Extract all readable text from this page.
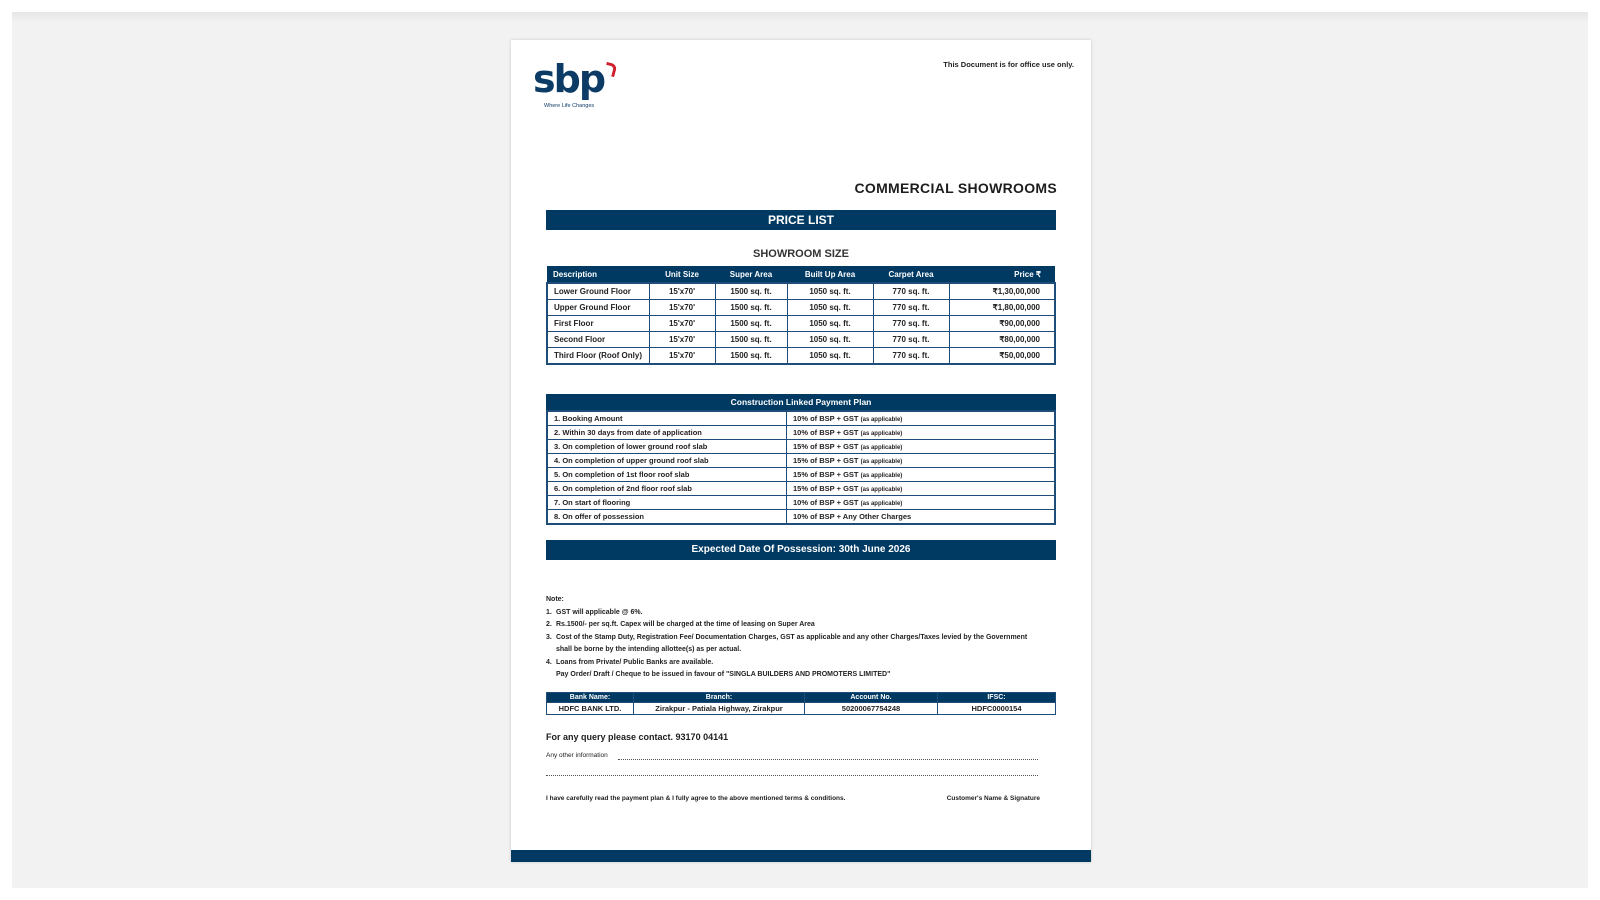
sbp
Where Life Changes
This Document is for office use only.
COMMERCIAL SHOWROOMS
PRICE LIST
SHOWROOM SIZE
Description	Unit Size	Super Area	Built Up Area	Carpet Area	Price ₹
Lower Ground Floor	15'x70'	1500 sq. ft.	1050 sq. ft.	770 sq. ft.	₹1,30,00,000
Upper Ground Floor	15'x70'	1500 sq. ft.	1050 sq. ft.	770 sq. ft.	₹1,80,00,000
First Floor	15'x70'	1500 sq. ft.	1050 sq. ft.	770 sq. ft.	₹90,00,000
Second Floor	15'x70'	1500 sq. ft.	1050 sq. ft.	770 sq. ft.	₹80,00,000
Third Floor (Roof Only)	15'x70'	1500 sq. ft.	1050 sq. ft.	770 sq. ft.	₹50,00,000
Construction Linked Payment Plan
1. Booking Amount	10% of BSP + GST (as applicable)
2. Within 30 days from date of application	10% of BSP + GST (as applicable)
3. On completion of lower ground roof slab	15% of BSP + GST (as applicable)
4. On completion of upper ground roof slab	15% of BSP + GST (as applicable)
5. On completion of 1st floor roof slab	15% of BSP + GST (as applicable)
6. On completion of 2nd floor roof slab	15% of BSP + GST (as applicable)
7. On start of flooring	10% of BSP + GST (as applicable)
8. On offer of possession	10% of BSP + Any Other Charges
Expected Date Of Possession: 30th June 2026
Note:
1. GST will applicable @ 6%.
2. Rs.1500/- per sq.ft. Capex will be charged at the time of leasing on Super Area
3. Cost of the Stamp Duty, Registration Fee/ Documentation Charges, GST as applicable and any other Charges/Taxes levied by the Government
shall be borne by the intending allottee(s) as per actual.
4. Loans from Private/ Public Banks are available.
Pay Order/ Draft / Cheque to be issued in favour of "SINGLA BUILDERS AND PROMOTERS LIMITED"
Bank Name:	Branch:	Account No.	IFSC:
HDFC BANK LTD.	Zirakpur - Patiala Highway, Zirakpur	50200067754248	HDFC0000154
For any query please contact. 93170 04141
Any other information
I have carefully read the payment plan & I fully agree to the above mentioned terms & conditions.	Customer's Name & Signature
